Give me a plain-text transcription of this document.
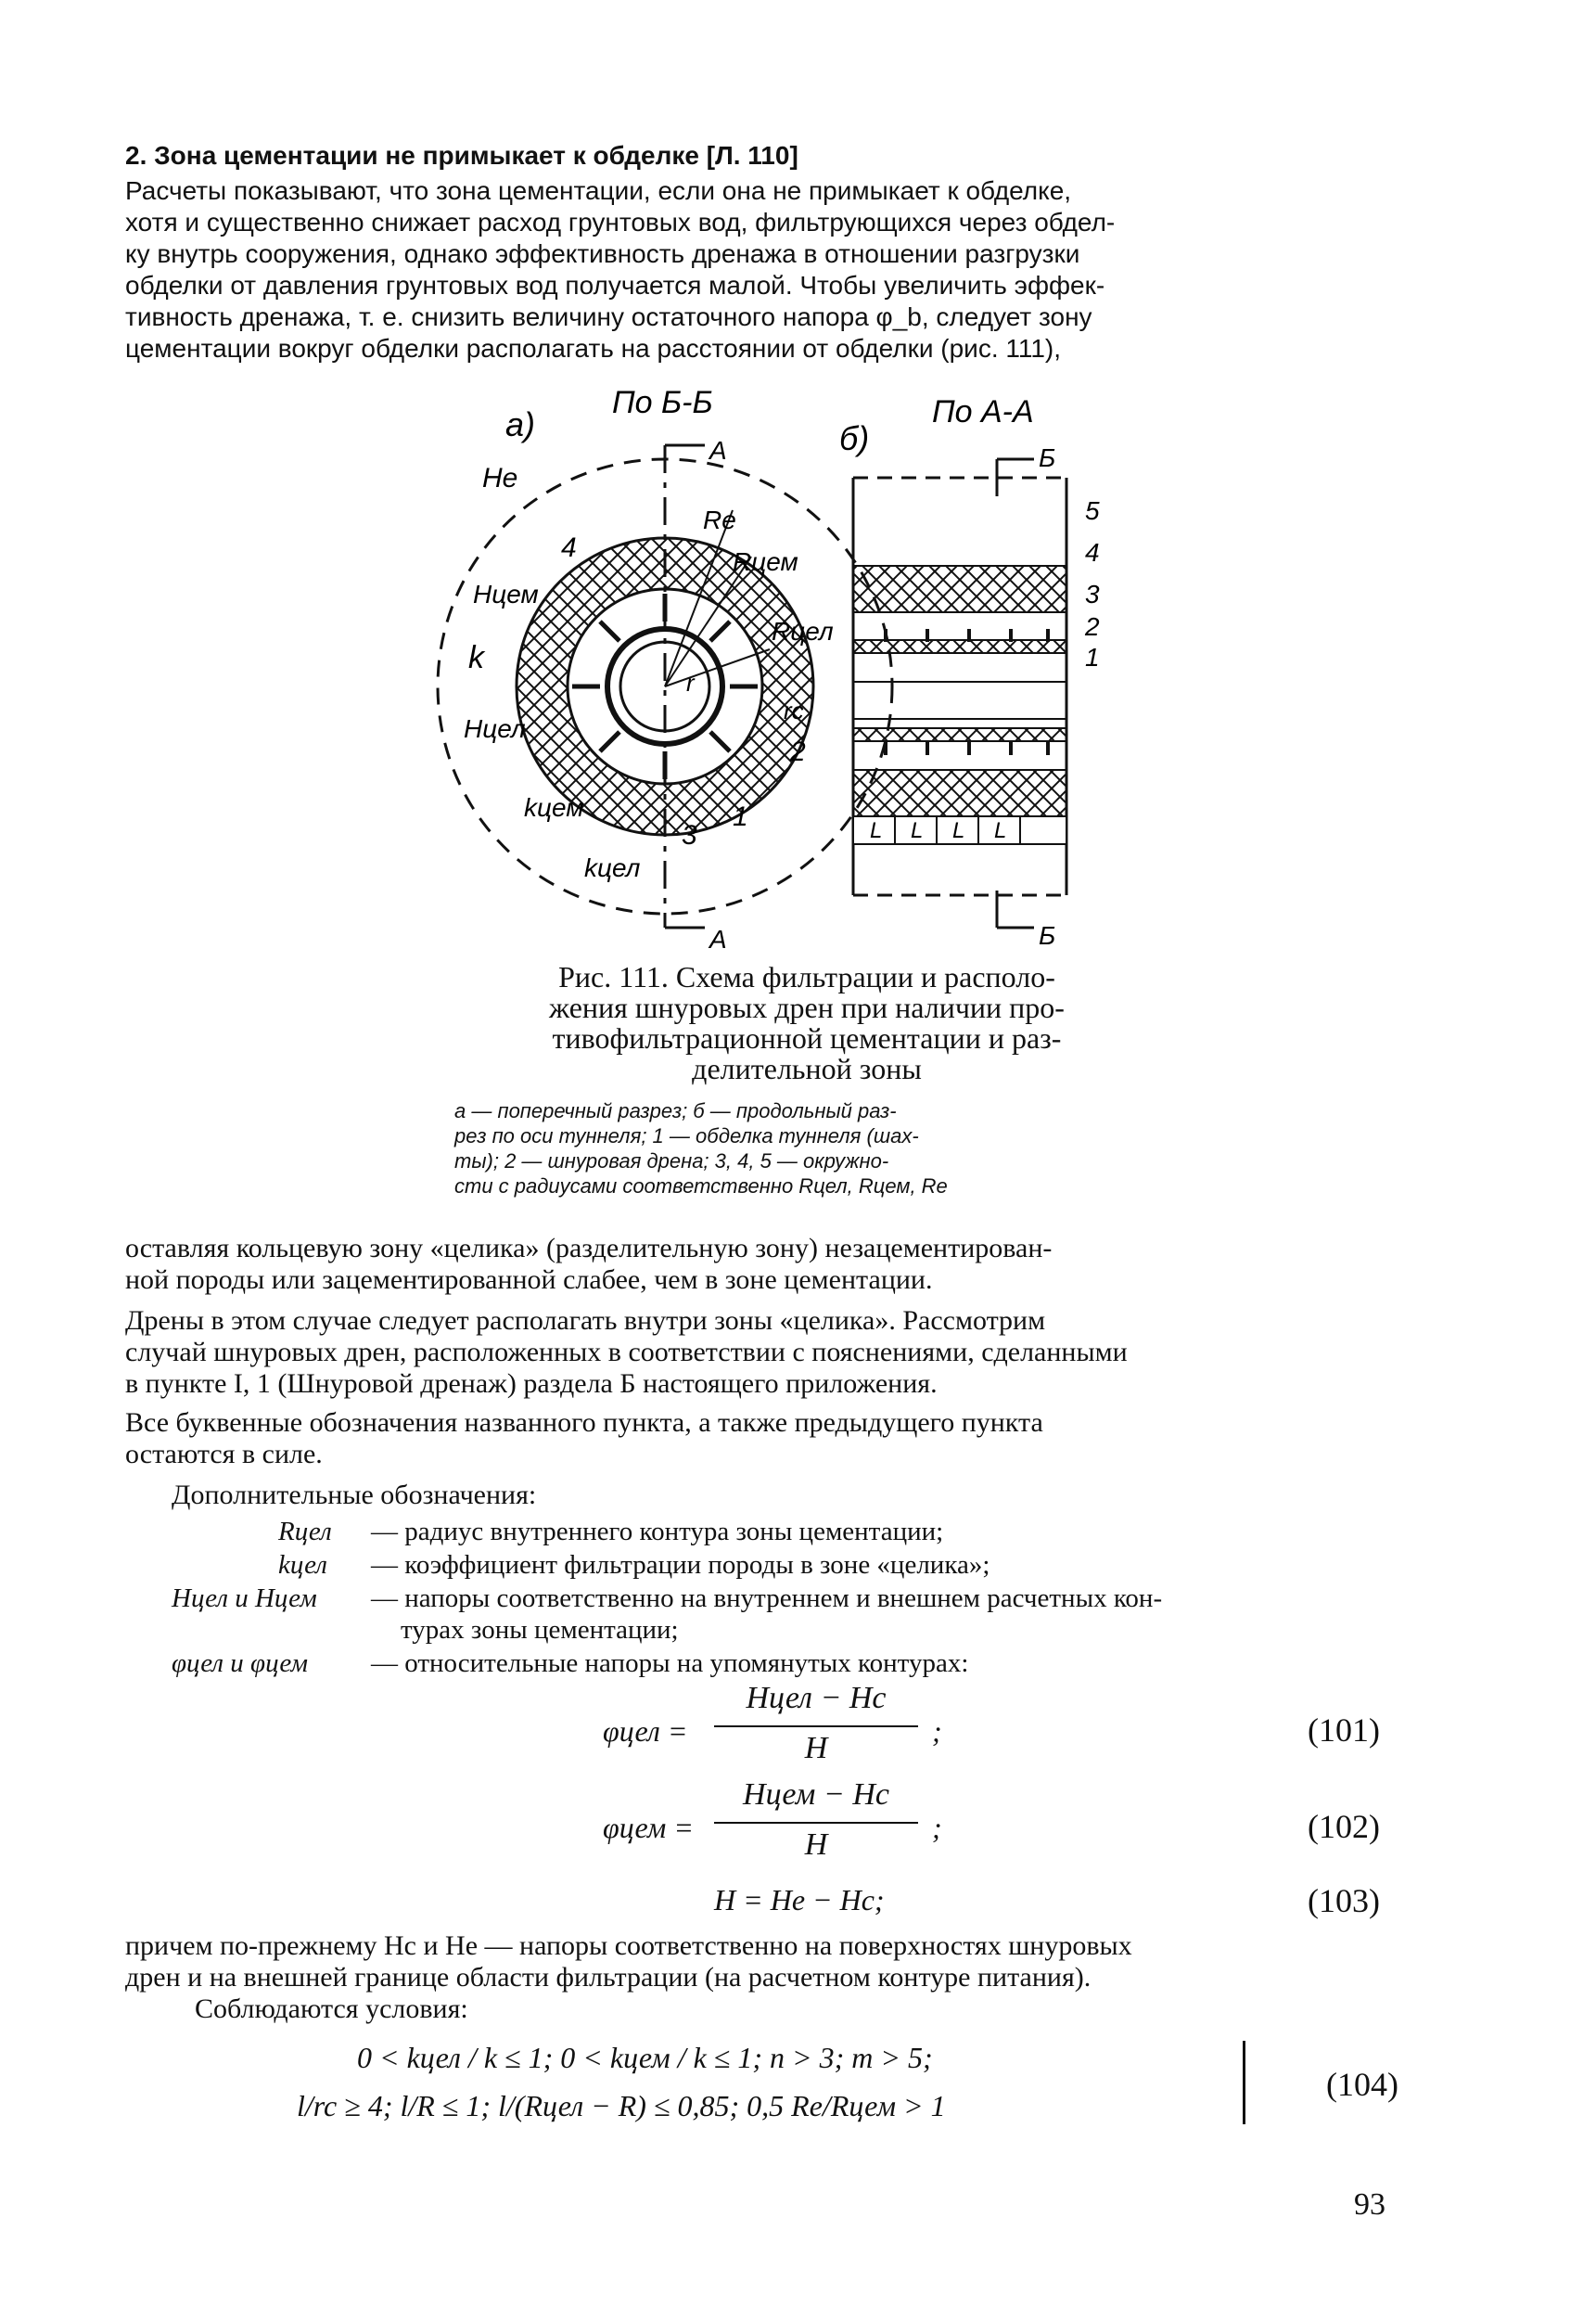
2. Зона цементации не примыкает к обделке [Л. 110]
Расчеты показывают, что зона цементации, если она не примыкает к обделке,
хотя и существенно снижает расход грунтовых вод, фильтрующихся через обдел-
ку внутрь сооружения, однако эффективность дренажа в отношении разгрузки
обделки от давления грунтовых вод получается малой. Чтобы увеличить эффек-
тивность дренажа, т. е. снизить величину остаточного напора φ_b, следует зону
цементации вокруг обделки располагать на расстоянии от обделки (рис. 111),
а)
По Б-Б
A
A
Hе
Re
Rцем
Rцел
Hцем
k
Hцел
kцем
kцел
rc
4
2
3
1
r
б)
По А-А
Б
Б
5
4
3
2
1
L L L L
Рис. 111. Схема фильтрации и располо-
жения шнуровых дрен при наличии про-
тивофильтрационной цементации и раз-
делительной зоны
а — поперечный разрез; б — продольный раз-
рез по оси туннеля; 1 — обделка туннеля (шах-
ты); 2 — шнуровая дрена; 3, 4, 5 — окружно-
сти с радиусами соответственно Rцел, Rцем, Re
оставляя кольцевую зону «целика» (разделительную зону) незацементирован-
ной породы или зацементированной слабее, чем в зоне цементации.
Дрены в этом случае следует располагать внутри зоны «целика». Рассмотрим
случай шнуровых дрен, расположенных в соответствии с пояснениями, сделанными
в пункте I, 1 (Шнуровой дренаж) раздела Б настоящего приложения.
Все буквенные обозначения названного пункта, а также предыдущего пункта
остаются в силе.
Дополнительные обозначения:
Rцел — радиус внутреннего контура зоны цементации;
kцел — коэффициент фильтрации породы в зоне «целика»;
Hцел и Hцем — напоры соответственно на внутреннем и внешнем расчетных кон-
турах зоны цементации;
φцел и φцем — относительные напоры на упомянутых контурах:
φцел =
Hцел − Hc
H	;	(101)
φцем =
Hцем − Hc
H	;	(102)
H = He − Hc;	(103)
причем по-прежнему Hc и He — напоры соответственно на поверхностях шнуровых
дрен и на внешней границе области фильтрации (на расчетном контуре питания).
Соблюдаются условия:
0 < kцел / k ≤ 1; 0 < kцем / k ≤ 1; n > 3; m > 5;
l/rc ≥ 4; l/R ≤ 1; l/(Rцел − R) ≤ 0,85; 0,5 Re/Rцем > 1
(104)
93
